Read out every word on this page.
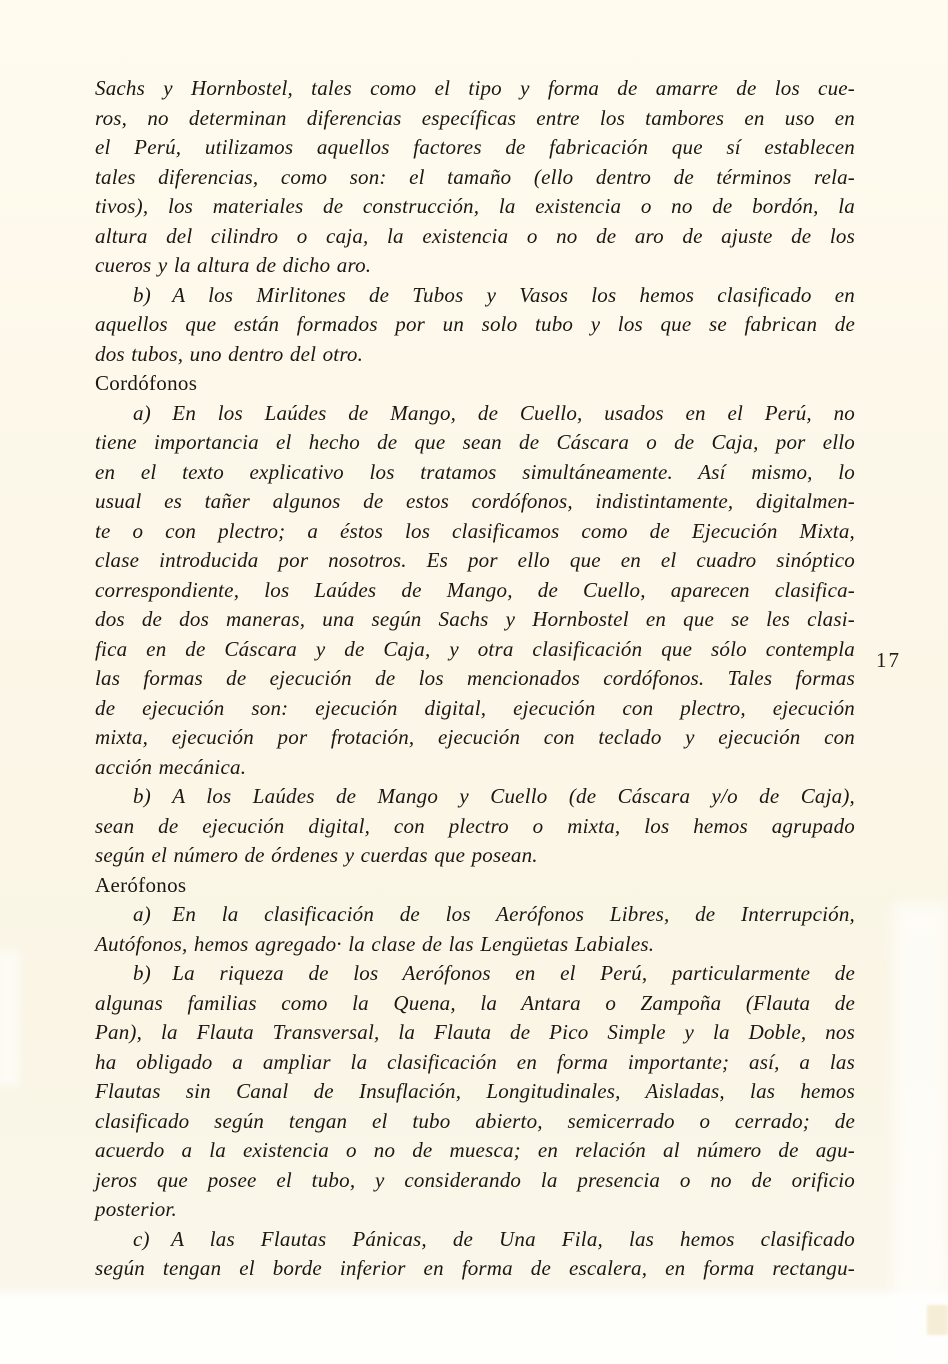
Sachs y Hornbostel, tales como el tipo y forma de amarre de los cue-
ros, no determinan diferencias específicas entre los tambores en uso en
el Perú, utilizamos aquellos factores de fabricación que sí establecen
tales diferencias, como son: el tamaño (ello dentro de términos rela-
tivos), los materiales de construcción, la existencia o no de bordón, la
altura del cilindro o caja, la existencia o no de aro de ajuste de los
cueros y la altura de dicho aro.
b)  A los Mirlitones de Tubos y Vasos los hemos clasificado en
aquellos que están formados por un solo tubo y los que se fabrican de
dos tubos, uno dentro del otro.
Cordófonos
a)  En los Laúdes de Mango, de Cuello, usados en el Perú, no
tiene importancia el hecho de que sean de Cáscara o de Caja, por ello
en el texto explicativo los tratamos simultáneamente. Así mismo, lo
usual es tañer algunos de estos cordófonos, indistintamente, digitalmen-
te o con plectro; a éstos los clasificamos como de Ejecución Mixta,
clase introducida por nosotros. Es por ello que en el cuadro sinóptico
correspondiente, los Laúdes de Mango, de Cuello, aparecen clasifica-
dos de dos maneras, una según Sachs y Hornbostel en que se les clasi-
fica en de Cáscara y de Caja, y otra clasificación que sólo contempla
las formas de ejecución de los mencionados cordófonos. Tales formas
de ejecución son: ejecución digital, ejecución con plectro, ejecución
mixta, ejecución por frotación, ejecución con teclado y ejecución con
acción mecánica.
b)  A los Laúdes de Mango y Cuello (de Cáscara y/o de Caja),
sean de ejecución digital, con plectro o mixta, los hemos agrupado
según el número de órdenes y cuerdas que posean.
Aerófonos
a)  En la clasificación de los Aerófonos Libres, de Interrupción,
Autófonos, hemos agregado· la clase de las Lengüetas Labiales.
b)  La riqueza de los Aerófonos en el Perú, particularmente de
algunas familias como la Quena, la Antara o Zampoña (Flauta de
Pan), la Flauta Transversal, la Flauta de Pico Simple y la Doble, nos
ha obligado a ampliar la clasificación en forma importante; así, a las
Flautas sin Canal de Insuflación, Longitudinales, Aisladas, las hemos
clasificado según tengan el tubo abierto, semicerrado o cerrado; de
acuerdo a la existencia o no de muesca; en relación al número de agu-
jeros que posee el tubo, y considerando la presencia o no de orificio
posterior.
c)  A las Flautas Pánicas, de Una Fila, las hemos clasificado
según tengan el borde inferior en forma de escalera, en forma rectangu-
17
